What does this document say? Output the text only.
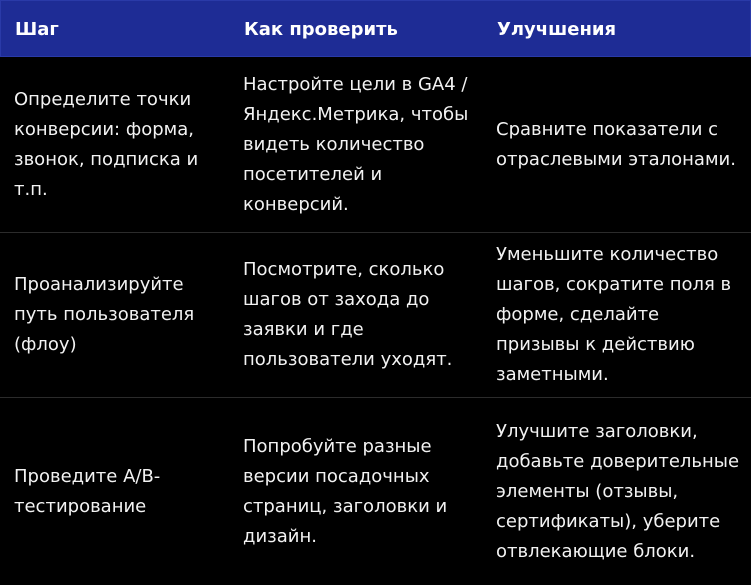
Шаг	Как проверить	Улучшения
Определите точки конверсии: форма, звонок, подписка и т.п.
Настройте цели в GA4 / Яндекс.Метрика, чтобы видеть количество посетителей и конверсий.
Сравните показатели с отраслевыми эталонами.
Проанализируйте путь пользователя (флоу)
Посмотрите, сколько шагов от захода до заявки и где пользователи уходят.
Уменьшите количество шагов, сократите поля в форме, сделайте призывы к действию заметными.
Проведите A/B-тестирование
Попробуйте разные версии посадочных страниц, заголовки и дизайн.
Улучшите заголовки, добавьте доверительные элементы (отзывы, сертификаты), уберите отвлекающие блоки.
